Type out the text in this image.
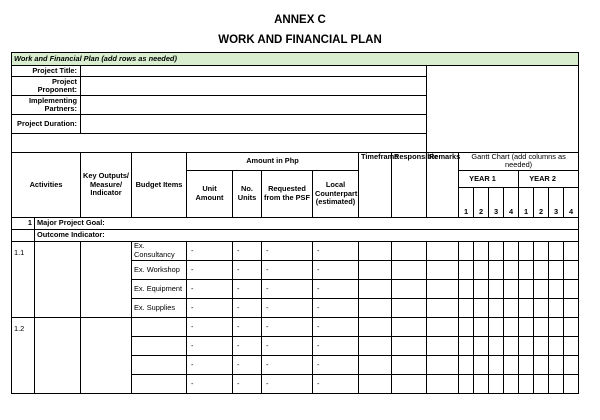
ANNEX C
WORK AND FINANCIAL PLAN
Work and Financial Plan (add rows as needed)																		
Project Title:																		
Project Proponent:																		
Implementing Partners:																		
Project Duration:																		

Activities		Key Outputs/ Measure/ Indicator	Budget Items	Amount in Php				Timeframe	Responsible	Remarks	Gantt Chart (add columns as needed)							
				Unit Amount	No. Units	Requested from the PSF	Local Counterpart (estimated)				YEAR 1				YEAR 2			
											1	2	3	4	1	2	3	4
1	Major Project Goal:																	
	Outcome Indicator:																	
1.1			Ex. Consultancy	-	-	-	-											
			Ex. Workshop	-	-	-	-											
			Ex. Equipment	-	-	-	-											
			Ex. Supplies	-	-	-	-											
1.2				-	-	-	-											
				-	-	-	-											
				-	-	-	-											
				-	-	-	-											
